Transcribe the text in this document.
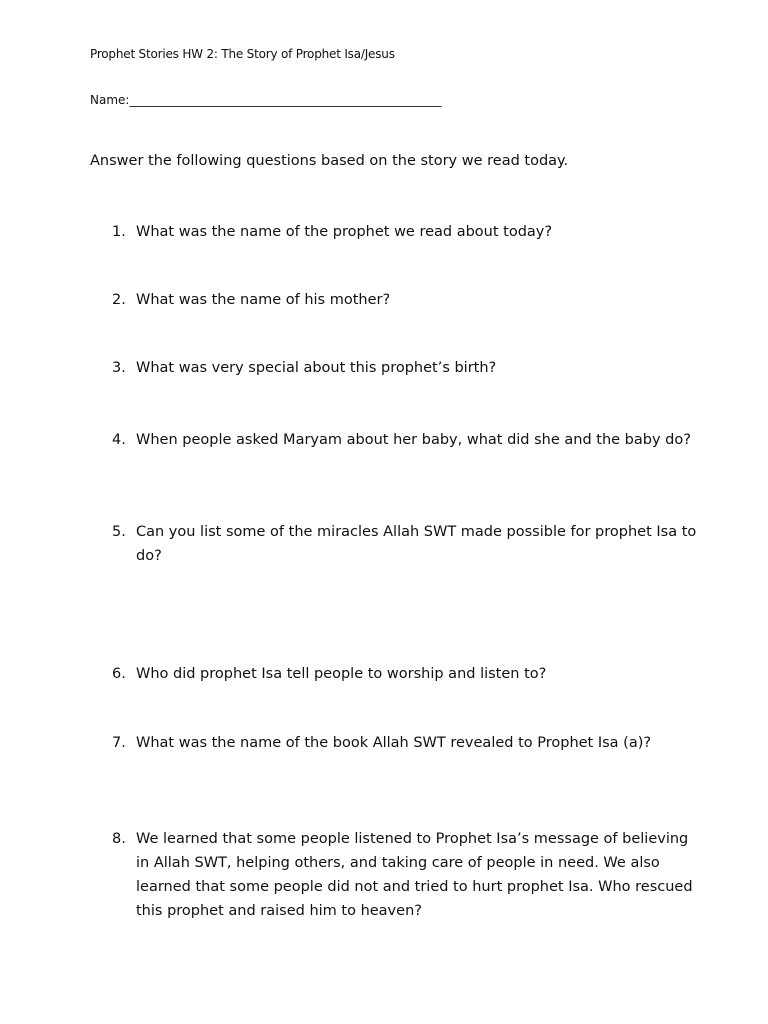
Prophet Stories HW 2: The Story of Prophet Isa/Jesus
Name:____________________________________________________
Answer the following questions based on the story we read today.
1. What was the name of the prophet we read about today?
2. What was the name of his mother?
3. What was very special about this prophet’s birth?
4. When people asked Maryam about her baby, what did she and the baby do?
5. Can you list some of the miracles Allah SWT made possible for prophet Isa to do?
6. Who did prophet Isa tell people to worship and listen to?
7. What was the name of the book Allah SWT revealed to Prophet Isa (a)?
8. We learned that some people listened to Prophet Isa’s message of believing in Allah SWT, helping others, and taking care of people in need. We also learned that some people did not and tried to hurt prophet Isa. Who rescued this prophet and raised him to heaven?
